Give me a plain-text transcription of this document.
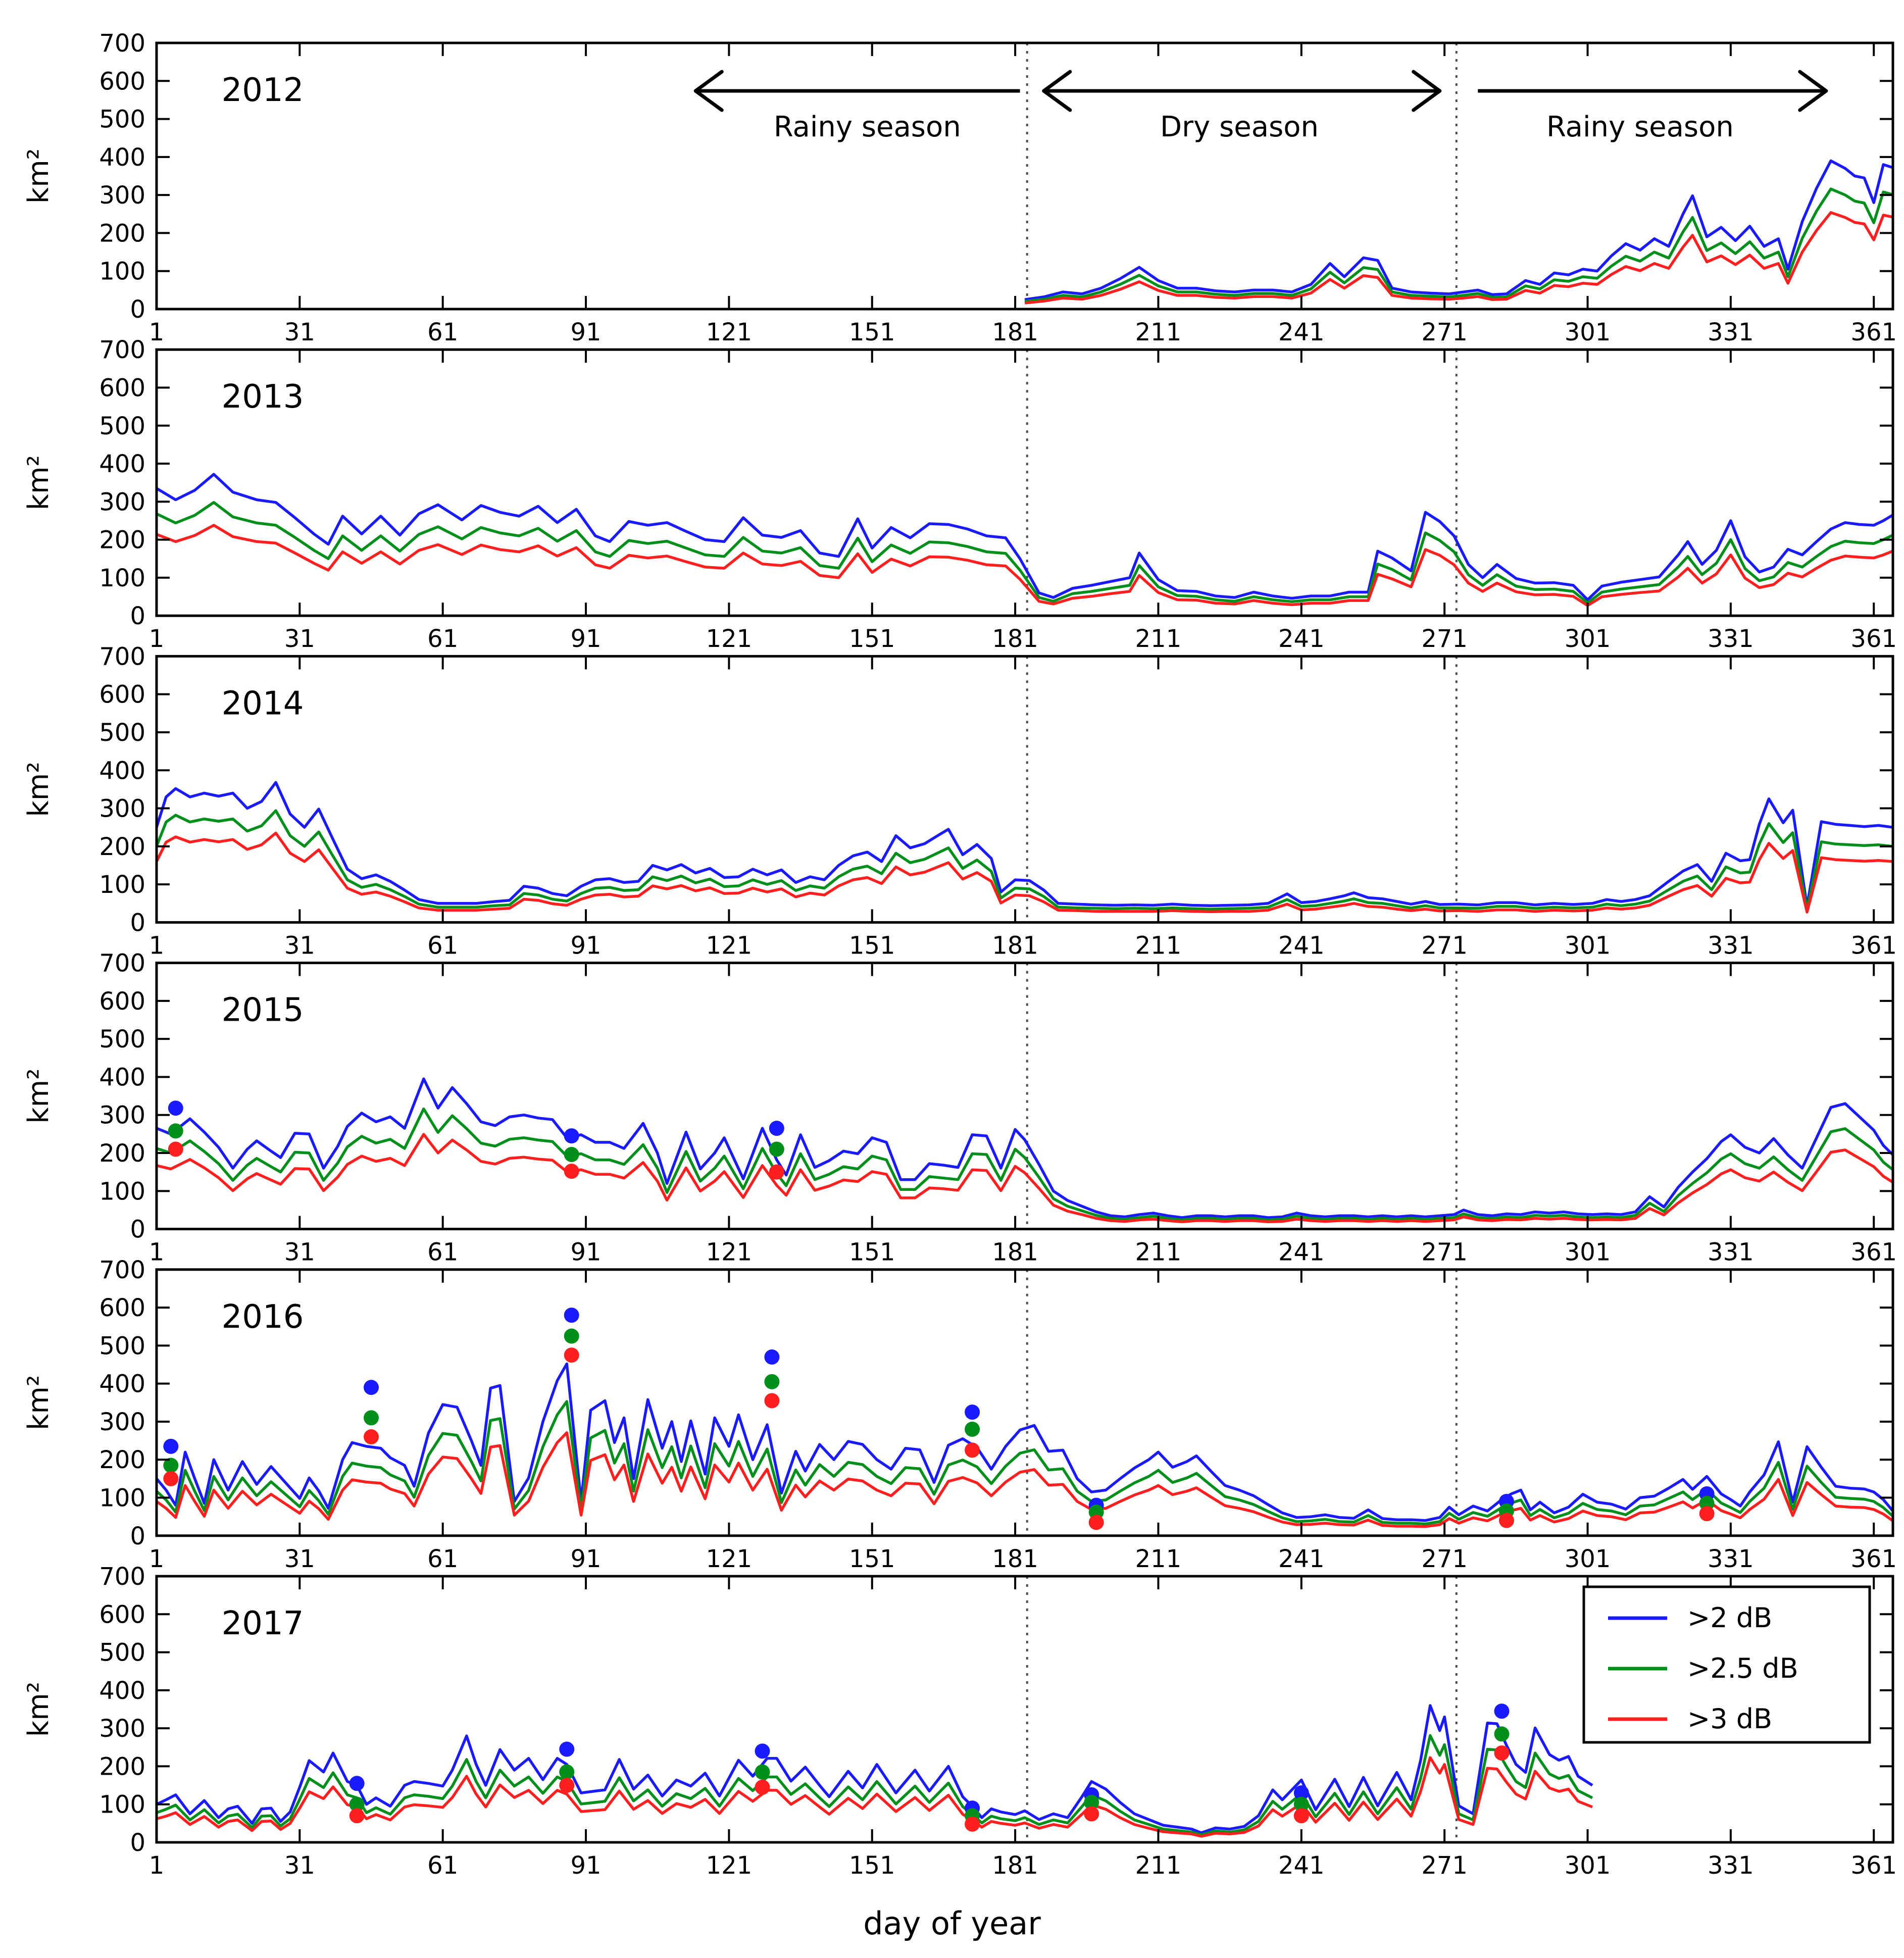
1	31	61	91	121	151	181	211	241	271	301	331	361
0
100
200
300
400
500
600
700
km²
2012
1	31	61	91	121	151	181	211	241	271	301	331	361
0
100
200
300
400
500
600
700
km²
2013
1	31	61	91	121	151	181	211	241	271	301	331	361
0
100
200
300
400
500
600
700
km²
2014
1	31	61	91	121	151	181	211	241	271	301	331	361
0
100
200
300
400
500
600
700
km²
2015
1	31	61	91	121	151	181	211	241	271	301	331	361
0
100
200
300
400
500
600
700
km²
2016
1	31	61	91	121	151	181	211	241	271	301	331	361
0
100
200
300
400
500
600
700
km²
2017
Rainy season	Dry season	Rainy season
>2 dB
>2.5 dB
>3 dB
day of year
